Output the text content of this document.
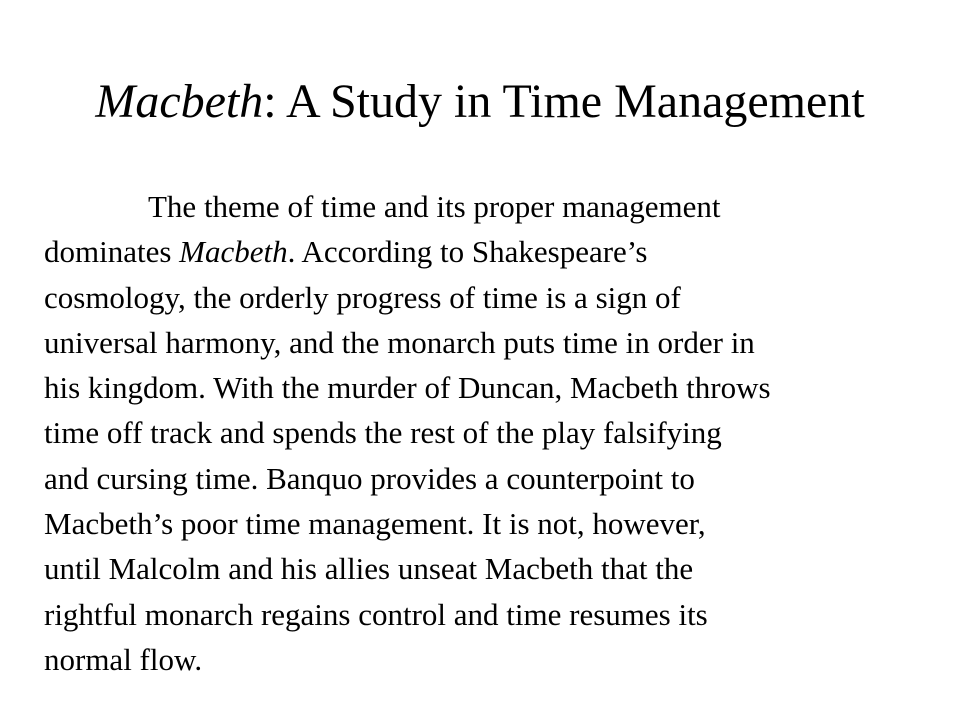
Macbeth: A Study in Time Management
The theme of time and its proper management
dominates Macbeth. According to Shakespeare’s
cosmology, the orderly progress of time is a sign of
universal harmony, and the monarch puts time in order in
his kingdom. With the murder of Duncan, Macbeth throws
time off track and spends the rest of the play falsifying
and cursing time. Banquo provides a counterpoint to
Macbeth’s poor time management. It is not, however,
until Malcolm and his allies unseat Macbeth that the
rightful monarch regains control and time resumes its
normal flow.
